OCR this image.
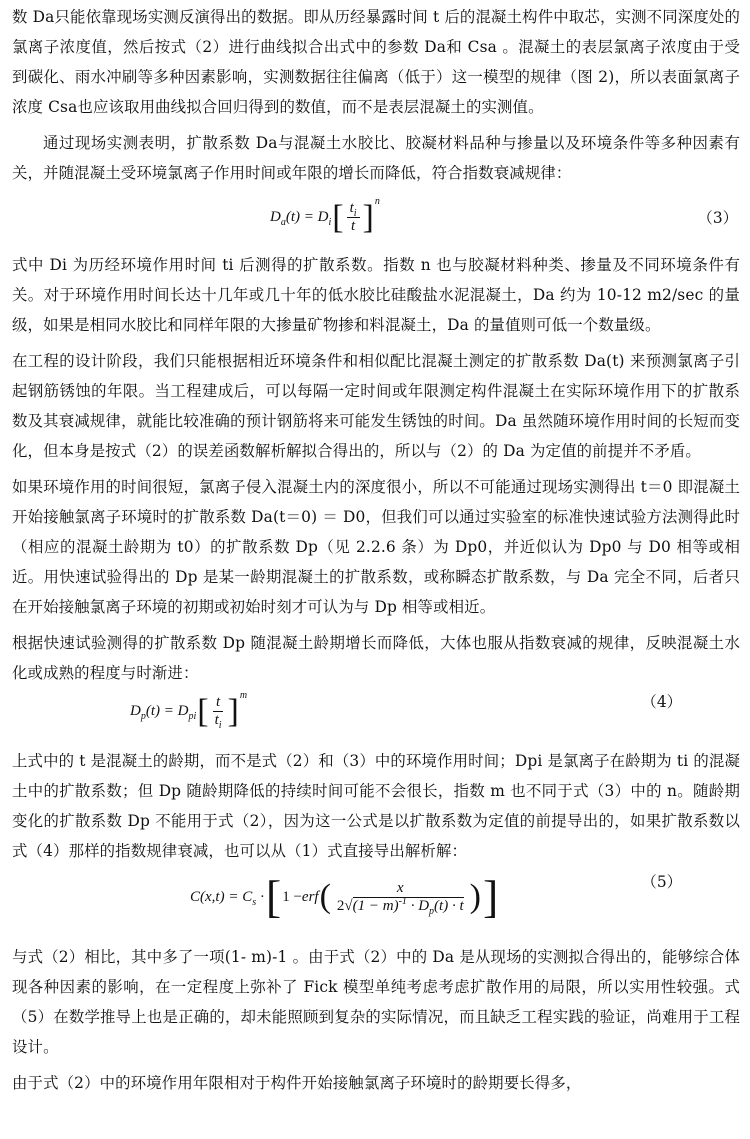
数 Da只能依靠现场实测反演得出的数据。即从历经暴露时间 t 后的混凝土构件中取芯，实测不同深度处的氯离子浓度值，然后按式（2）进行曲线拟合出式中的参数 Da和 Csa 。混凝土的表层氯离子浓度由于受到碳化、雨水冲刷等多种因素影响，实测数据往往偏离（低于）这一模型的规律（图 2)，所以表面氯离子浓度 Csa也应该取用曲线拟合回归得到的数值，而不是表层混凝土的实测值。

通过现场实测表明，扩散系数 Da与混凝土水胶比、胶凝材料品种与掺量以及环境条件等多种因素有关，并随混凝土受环境氯离子作用时间或年限的增长而降低，符合指数衰减规律：

$D_a(t) = D_i$ [ $\frac{t_i}{t} ]^n$
（3）

式中 Di 为历经环境作用时间 ti 后测得的扩散系数。指数 n 也与胶凝材料种类、掺量及不同环境条件有关。对于环境作用时间长达十几年或几十年的低水胶比硅酸盐水泥混凝土，Da 约为 10-12 m2/sec 的量级，如果是相同水胶比和同样年限的大掺量矿物掺和料混凝土，Da 的量值则可低一个数量级。

在工程的设计阶段，我们只能根据相近环境条件和相似配比混凝土测定的扩散系数 Da(t) 来预测氯离子引起钢筋锈蚀的年限。当工程建成后，可以每隔一定时间或年限测定构件混凝土在实际环境作用下的扩散系数及其衰减规律，就能比较准确的预计钢筋将来可能发生锈蚀的时间。Da 虽然随环境作用时间的长短而变化，但本身是按式（2）的误差函数解析解拟合得出的，所以与（2）的 Da 为定值的前提并不矛盾。

如果环境作用的时间很短，氯离子侵入混凝土内的深度很小，所以不可能通过现场实测得出 t＝0 即混凝土开始接触氯离子环境时的扩散系数 Da(t＝0) ＝ D0，但我们可以通过实验室的标准快速试验方法测得此时（相应的混凝土龄期为 t0）的扩散系数 Dp（见 2.2.6 条）为 Dp0，并近似认为 Dp0 与 D0 相等或相近。用快速试验得出的 Dp 是某一龄期混凝土的扩散系数，或称瞬态扩散系数，与 Da 完全不同，后者只在开始接触氯离子环境的初期或初始时刻才可认为与 Dp 相等或相近。

根据快速试验测得的扩散系数 Dp 随混凝土龄期增长而降低，大体也服从指数衰减的规律，反映混凝土水化或成熟的程度与时渐进：

$D_p(t) = D_{pi}$ [ $\frac{t}{t_i} ]^m$	（4）

上式中的 t 是混凝土的龄期，而不是式（2）和（3）中的环境作用时间；Dpi 是氯离子在龄期为 ti 的混凝土中的扩散系数；但 Dp 随龄期降低的持续时间可能不会很长，指数 m 也不同于式（3）中的 n。随龄期变化的扩散系数 Dp 不能用于式（2），因为这一公式是以扩散系数为定值的前提导出的，如果扩散系数以式（4）那样的指数规律衰减，也可以从（1）式直接导出解析解：

$C(x,t) = C_s$ · [ 1 − erf ( $\frac{x}{2√(1 - m)^{-1} \cdot D_p(t) \cdot t}$ ) ]	（5）

与式（2）相比，其中多了一项(1- m)-1 。由于式（2）中的 Da 是从现场的实测拟合得出的，能够综合体现各种因素的影响，在一定程度上弥补了 Fick 模型单纯考虑考虑扩散作用的局限，所以实用性较强。式（5）在数学推导上也是正确的，却未能照顾到复杂的实际情况，而且缺乏工程实践的验证，尚难用于工程设计。

由于式（2）中的环境作用年限相对于构件开始接触氯离子环境时的龄期要长得多，
